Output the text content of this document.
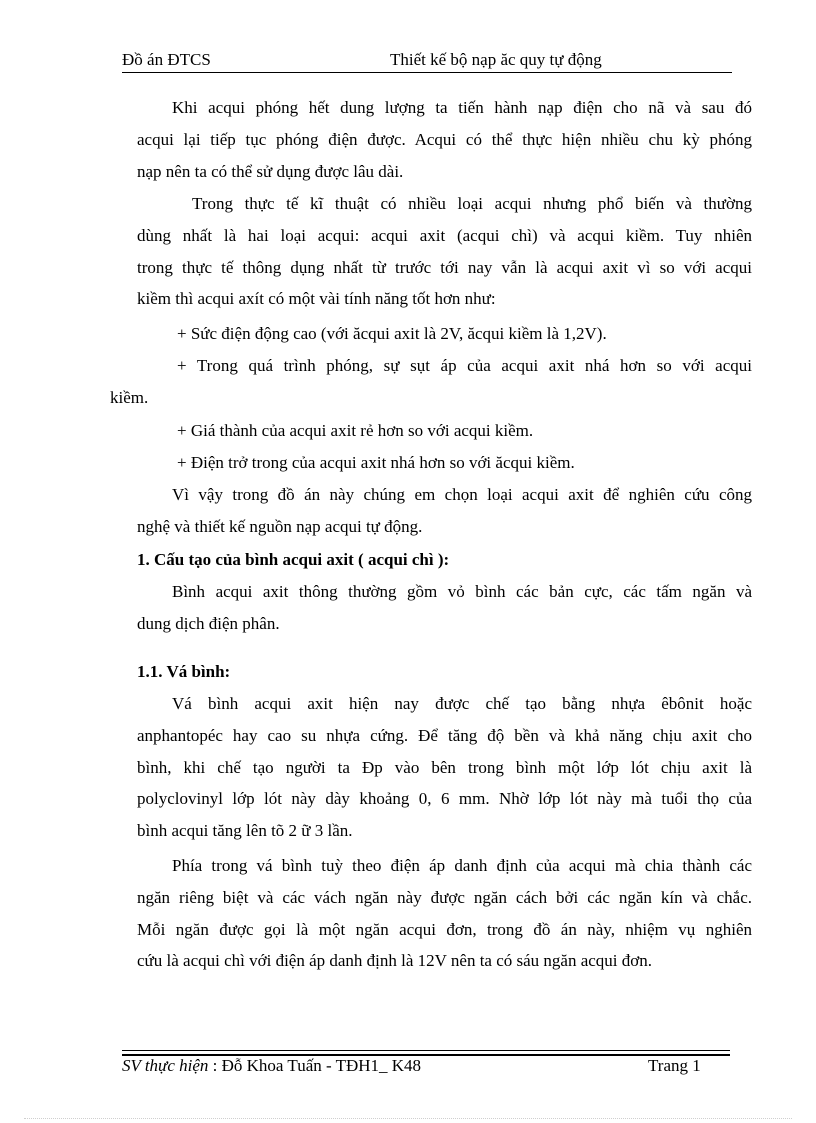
Đồ án ĐTCS	Thiết kế bộ nạp ăc quy tự động
Khi acqui phóng hết dung lượng ta tiến hành nạp điện cho nã và sau đó
acqui lại tiếp tục phóng điện được. Acqui có thể thực hiện nhiều chu kỳ phóng
nạp nên ta có thể sử dụng được lâu dài.
Trong thực tế kĩ thuật có nhiều loại acqui nhưng phổ biến và thường
dùng nhất là hai loại acqui: acqui axit (acqui chì) và acqui kiềm. Tuy nhiên
trong thực tế thông dụng nhất từ trước tới nay vẫn là acqui axit vì so với acqui
kiềm thì acqui axít có một vài tính năng tốt hơn như:
+ Sức điện động cao (với ăcqui axit là 2V, ăcqui kiềm là 1,2V).
+ Trong quá trình phóng, sự sụt áp của acqui axit nhá hơn so với acqui
kiềm.
+ Giá thành của acqui axit rẻ hơn so với acqui kiềm.
+ Điện trở trong của acqui axit nhá hơn so với ăcqui kiềm.
Vì vậy trong đồ án này chúng em chọn loại acqui axit để nghiên cứu công
nghệ và thiết kế nguồn nạp acqui tự động.
1. Cấu tạo của bình acqui axit ( acqui chì ):
Bình acqui axit thông thường gồm vỏ bình các bản cực, các tấm ngăn và
dung dịch điện phân.
1.1. Vá bình:
Vá bình acqui axit hiện nay được chế tạo bằng nhựa êbônit hoặc
anphantopéc hay cao su nhựa cứng. Để tăng độ bền và khả năng chịu axit cho
bình, khi chế tạo người ta Đp vào bên trong bình một lớp lót chịu axit là
polyclovinyl lớp lót này dày khoảng 0, 6 mm. Nhờ lớp lót này mà tuổi thọ của
bình acqui tăng lên tõ 2 ữ 3 lần.
Phía trong vá bình tuỳ theo điện áp danh định của acqui mà chia thành các
ngăn riêng biệt và các vách ngăn này được ngăn cách bởi các ngăn kín và chắc.
Mỗi ngăn được gọi là một ngăn acqui đơn, trong đồ án này, nhiệm vụ nghiên
cứu là acqui chì với điện áp danh định là 12V nên ta có sáu ngăn acqui đơn.
SV thực hiện : Đỗ Khoa Tuấn - TĐH1_ K48	Trang 1
